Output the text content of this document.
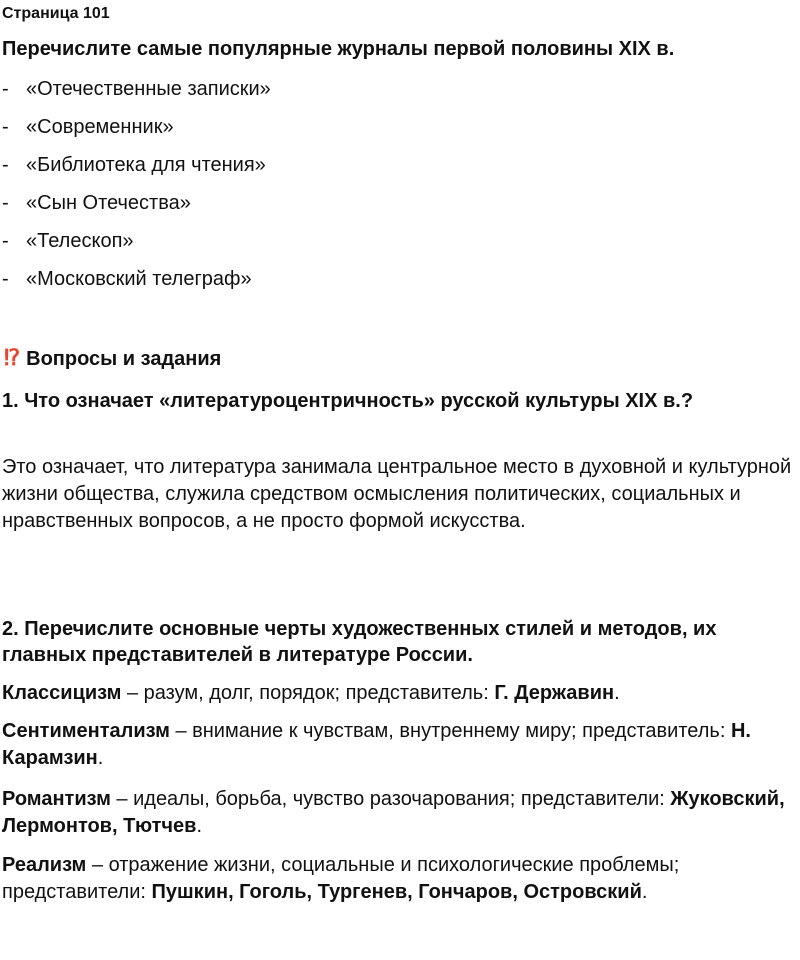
Страница 101
Перечислите самые популярные журналы первой половины XIX в.
- «Отечественные записки»
- «Современник»
- «Библиотека для чтения»
- «Сын Отечества»
- «Телескоп»
- «Московский телеграф»
⁉ Вопросы и задания
1. Что означает «литературоцентричность» русской культуры XIX в.?
Это означает, что литература занимала центральное место в духовной и культурной жизни общества, служила средством осмысления политических, социальных и нравственных вопросов, а не просто формой искусства.
2. Перечислите основные черты художественных стилей и методов, их главных представителей в литературе России.
Классицизм – разум, долг, порядок; представитель: Г. Державин.
Сентиментализм – внимание к чувствам, внутреннему миру; представитель: Н. Карамзин.
Романтизм – идеалы, борьба, чувство разочарования; представители: Жуковский, Лермонтов, Тютчев.
Реализм – отражение жизни, социальные и психологические проблемы; представители: Пушкин, Гоголь, Тургенев, Гончаров, Островский.
